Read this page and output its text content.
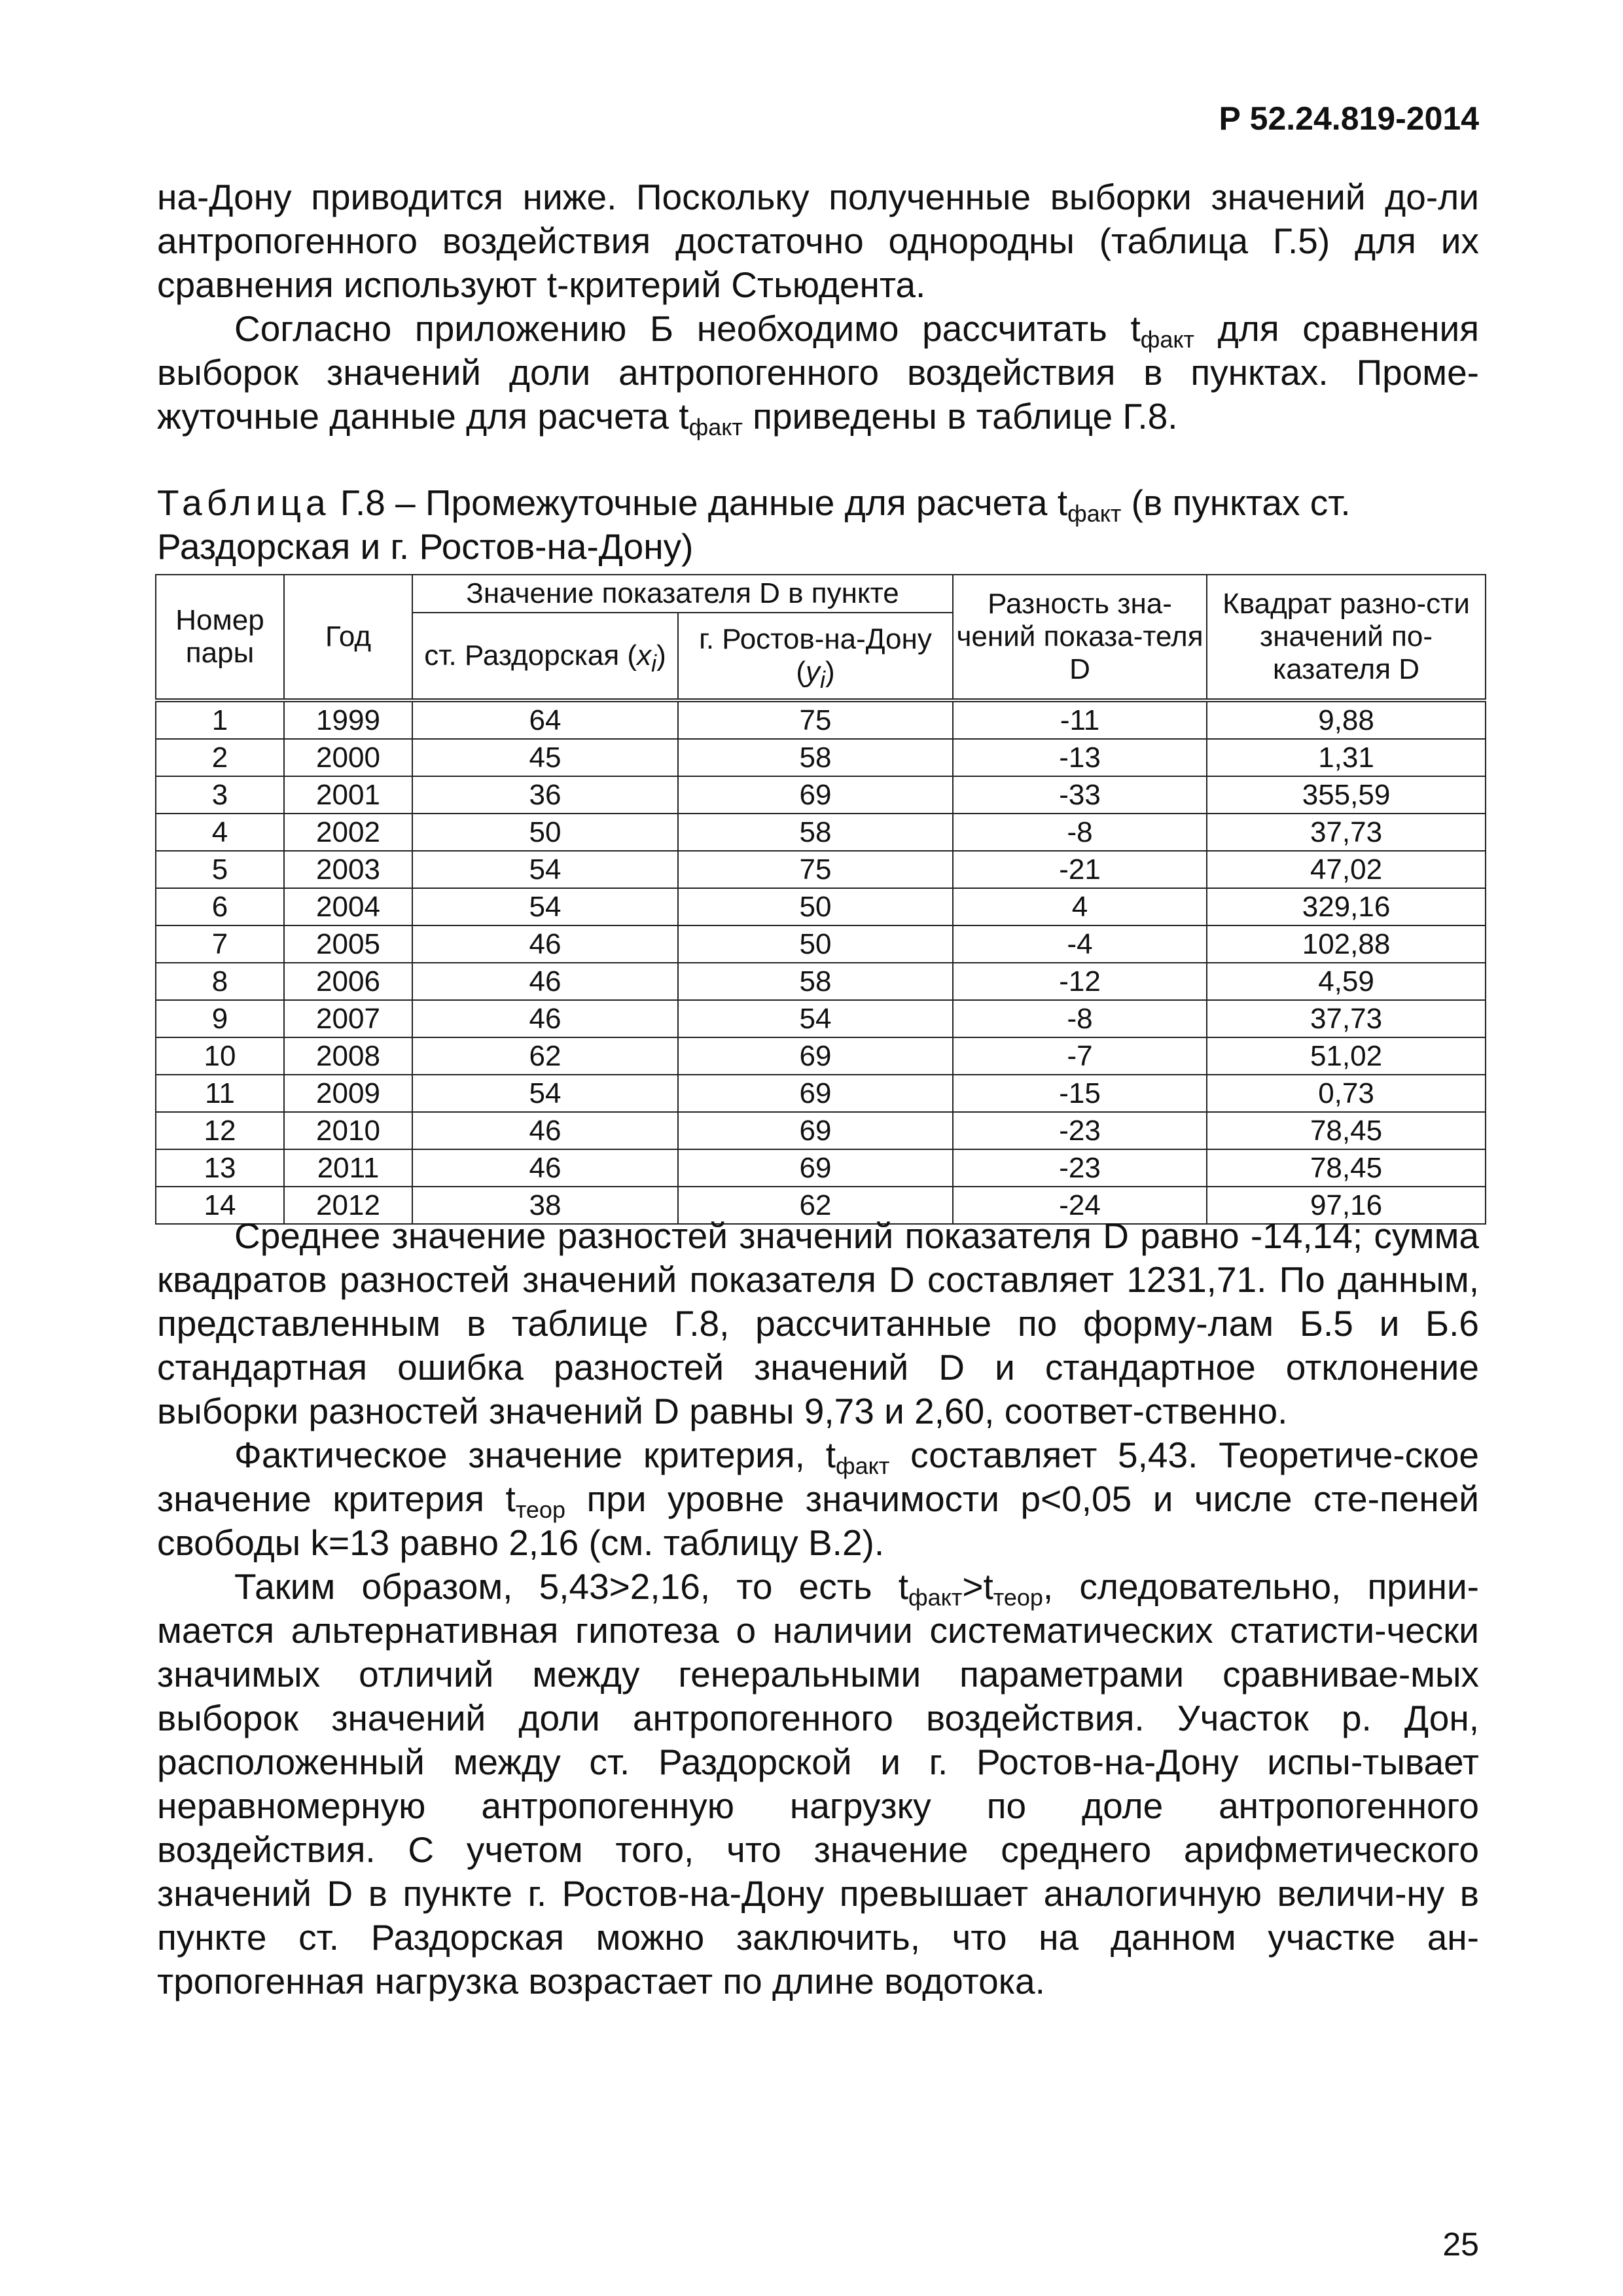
Р 52.24.819-2014

на-Дону приводится ниже. Поскольку полученные выборки значений до-ли антропогенного воздействия достаточно однородны (таблица Г.5) для их сравнения используют t-критерий Стьюдента.

Согласно приложению Б необходимо рассчитать $t_{факт}$ для сравнения выборок значений доли антропогенного воздействия в пунктах. Проме-жуточные данные для расчета $t_{факт}$ приведены в таблице Г.8.

Таблица Г.8 – Промежуточные данные для расчета $t_{факт}$ (в пунктах ст. Раздорская и г. Ростов-на-Дону)
Номер пары	Год	Значение показателя D в пункте		Разность зна-чений показа-теля D	Квадрат разно-сти значений по-казателя D
		ст. Раздорская $(x_i)$	г. Ростов-на-Дону $(y_i)$		
1	1999	64	75	-11	9,88
2	2000	45	58	-13	1,31
3	2001	36	69	-33	355,59
4	2002	50	58	-8	37,73
5	2003	54	75	-21	47,02
6	2004	54	50	4	329,16
7	2005	46	50	-4	102,88
8	2006	46	58	-12	4,59
9	2007	46	54	-8	37,73
10	2008	62	69	-7	51,02
11	2009	54	69	-15	0,73
12	2010	46	69	-23	78,45
13	2011	46	69	-23	78,45
14	2012	38	62	-24	97,16

Среднее значение разностей значений показателя D равно -14,14; сумма квадратов разностей значений показателя D составляет 1231,71. По данным, представленным в таблице Г.8, рассчитанные по форму-лам Б.5 и Б.6 стандартная ошибка разностей значений D и стандартное отклонение выборки разностей значений D равны 9,73 и 2,60, соответ-ственно.

Фактическое значение критерия, $t_{факт}$ составляет 5,43. Теоретиче-ское значение критерия $t_{теор}$ при уровне значимости p<0,05 и числе сте-пеней свободы k=13 равно 2,16 (см. таблицу В.2).

Таким образом, 5,43>2,16, то есть $t_{факт}>t_{теор}$, следовательно, прини-мается альтернативная гипотеза о наличии систематических статисти-чески значимых отличий между генеральными параметрами сравнивае-мых выборок значений доли антропогенного воздействия. Участок р. Дон, расположенный между ст. Раздорской и г. Ростов-на-Дону испы-тывает неравномерную антропогенную нагрузку по доле антропогенного воздействия. С учетом того, что значение среднего арифметического значений D в пункте г. Ростов-на-Дону превышает аналогичную величи-ну в пункте ст. Раздорская можно заключить, что на данном участке ан-тропогенная нагрузка возрастает по длине водотока.

25
